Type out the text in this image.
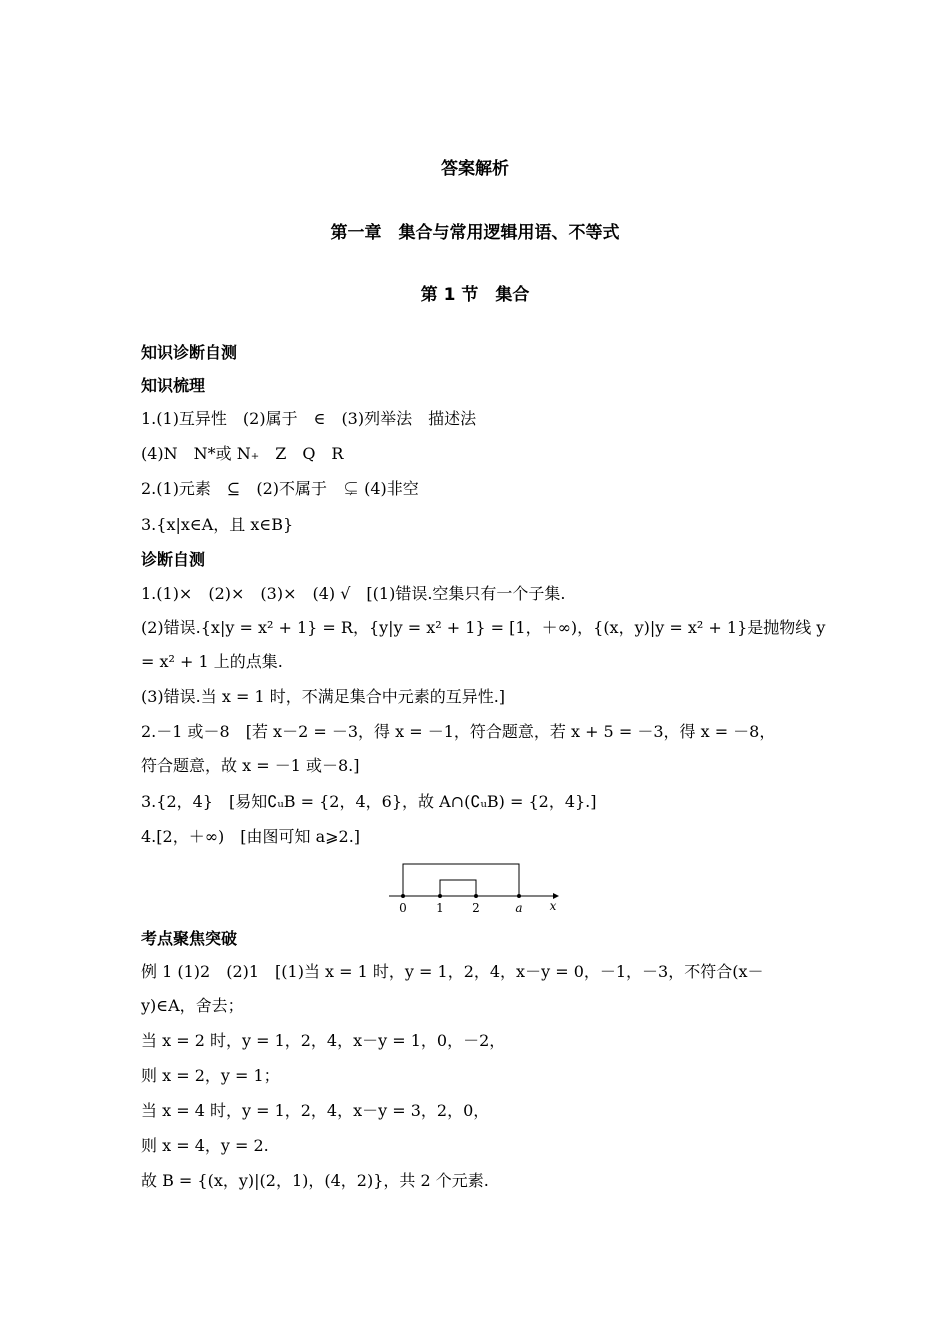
答案解析
第一章　集合与常用逻辑用语、不等式
第 1 节　集合
知识诊断自测
知识梳理
1.(1)互异性　(2)属于　∈　(3)列举法　描述法
(4)N　N*或 N₊　Z　Q　R
2.(1)元素　⊆　(2)不属于　⊊ (4)非空
3.{x|x∈A，且 x∈B}
诊断自测
1.(1)×　(2)×　(3)×　(4) √　[(1)错误.空集只有一个子集.
(2)错误.{x|y = x² + 1} = R，{y|y = x² + 1} = [1，＋∞)，{(x，y)|y = x² + 1}是抛物线 y
= x² + 1 上的点集.
(3)错误.当 x = 1 时，不满足集合中元素的互异性.]
2.－1 或－8　[若 x－2 = －3，得 x = －1，符合题意，若 x + 5 = －3，得 x = －8，
符合题意，故 x = －1 或－8.]
3.{2，4}　[易知∁ᵤB = {2，4，6}，故 A∩(∁ᵤB) = {2，4}.]
4.[2，＋∞)　[由图可知 a⩾2.]
0 1 2	a x
考点聚焦突破
例 1 (1)2　(2)1　[(1)当 x = 1 时，y = 1，2，4，x－y = 0，－1，－3，不符合(x－
y)∈A，舍去；
当 x = 2 时，y = 1，2，4，x－y = 1，0，－2，
则 x = 2，y = 1；
当 x = 4 时，y = 1，2，4，x－y = 3，2，0，
则 x = 4，y = 2.
故 B = {(x，y)|(2，1)，(4，2)}，共 2 个元素.
